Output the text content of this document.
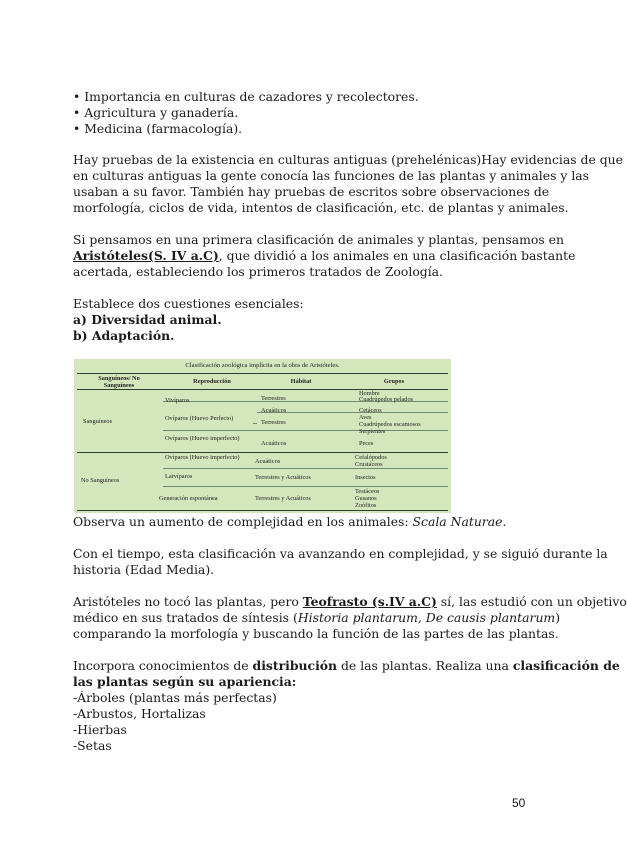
• Importancia en culturas de cazadores y recolectores.
• Agricultura y ganadería.
• Medicina (farmacología).
Hay pruebas de la existencia en culturas antiguas (prehelénicas)Hay evidencias de que
en culturas antiguas la gente conocía las funciones de las plantas y animales y las
usaban a su favor. También hay pruebas de escritos sobre observaciones de
morfología, ciclos de vida, intentos de clasificación, etc. de plantas y animales.
Si pensamos en una primera clasificación de animales y plantas, pensamos en
Aristóteles(S. IV a.C), que dividió a los animales en una clasificación bastante
acertada, estableciendo los primeros tratados de Zoología.
Establece dos cuestiones esenciales:
a) Diversidad animal.
b) Adaptación.
Clasificación zoológica implícita en la obra de Aristóteles.
Sanguíneos/ No Sanguíneos
Reproducción	Hábitat	Grupos
Sanguíneos
No Sanguíneos
Vivíparos
Ovíparos (Huevo Perfecto)
Ovíparos (Huevo imperfecto)
Ovíparos (Huevo imperfecto)
Larvíparos
Generación espontánea
Terrestres
Acuáticos
Terrestres
Acuáticos
Acuáticos
Terrestres y Acuáticos
Terrestres y Acuáticos
Hombre
Cuadrúpedos pelados
Cetáceos
Aves
Cuadrúpedos escamosos
Serpientes
Peces
Cefalópodos
Crustáceos
Insectos
Testáceos
Gusanos
Zoófitos
Observa un aumento de complejidad en los animales: Scala Naturae.
Con el tiempo, esta clasificación va avanzando en complejidad, y se siguió durante la
historia (Edad Media).
Aristóteles no tocó las plantas, pero Teofrasto (s.IV a.C) sí, las estudió con un objetivo
médico en sus tratados de síntesis (Historia plantarum, De causis plantarum)
comparando la morfología y buscando la función de las partes de las plantas.
Incorpora conocimientos de distribución de las plantas. Realiza una clasificación de
las plantas según su apariencia:
-Árboles (plantas más perfectas)
-Arbustos, Hortalizas
-Hierbas
-Setas
50
